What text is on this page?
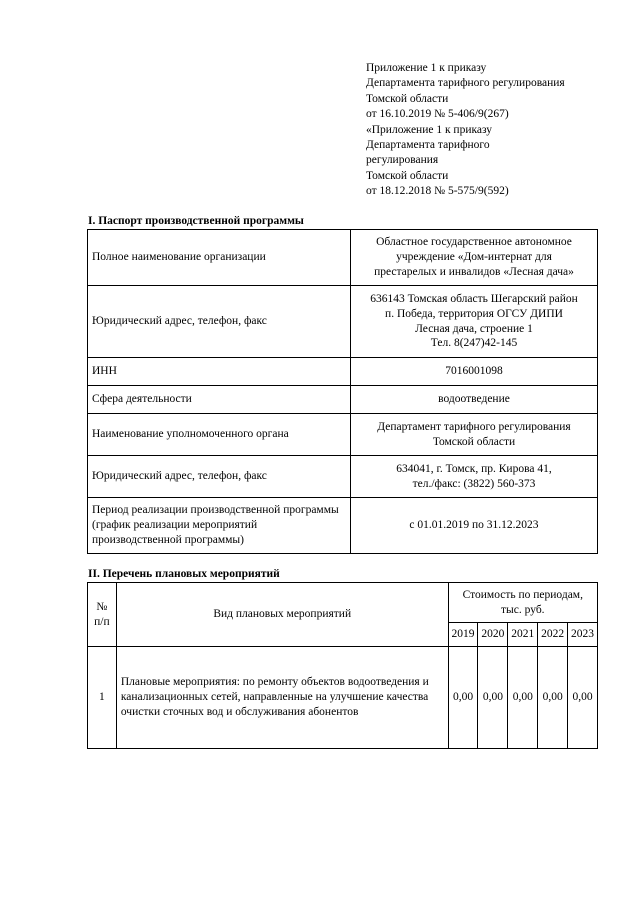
Приложение 1 к приказу
Департамента тарифного регулирования
Томской области
от 16.10.2019 № 5-406/9(267)
«Приложение 1 к приказу
Департамента тарифного
регулирования
Томской области
от 18.12.2018 № 5-575/9(592)
I. Паспорт производственной программы
Полное наименование организации	Областное государственное автономное
учреждение «Дом-интернат для
престарелых и инвалидов «Лесная дача»

Юридический адрес, телефон, факс	636143 Томская область Шегарский район
п. Победа, территория ОГСУ ДИПИ
Лесная дача, строение 1
Тел. 8(247)42-145

ИНН	7016001098
Сфера деятельности	водоотведение
Наименование уполномоченного органа	Департамент тарифного регулирования
Томской области

Юридический адрес, телефон, факс	634041, г. Томск, пр. Кирова 41,
тел./факс: (3822) 560-373

Период реализации производственной программы (график реализации мероприятий производственной программы)	с 01.01.2019 по 31.12.2023
II. Перечень плановых мероприятий
№ п/п	Вид плановых мероприятий	Стоимость по периодам, тыс. руб.				
		2019	2020	2021	2022	2023
1	Плановые мероприятия: по ремонту объектов водоотведения и канализационных сетей, направленные на улучшение качества очистки сточных вод и обслуживания абонентов	0,00	0,00	0,00	0,00	0,00
